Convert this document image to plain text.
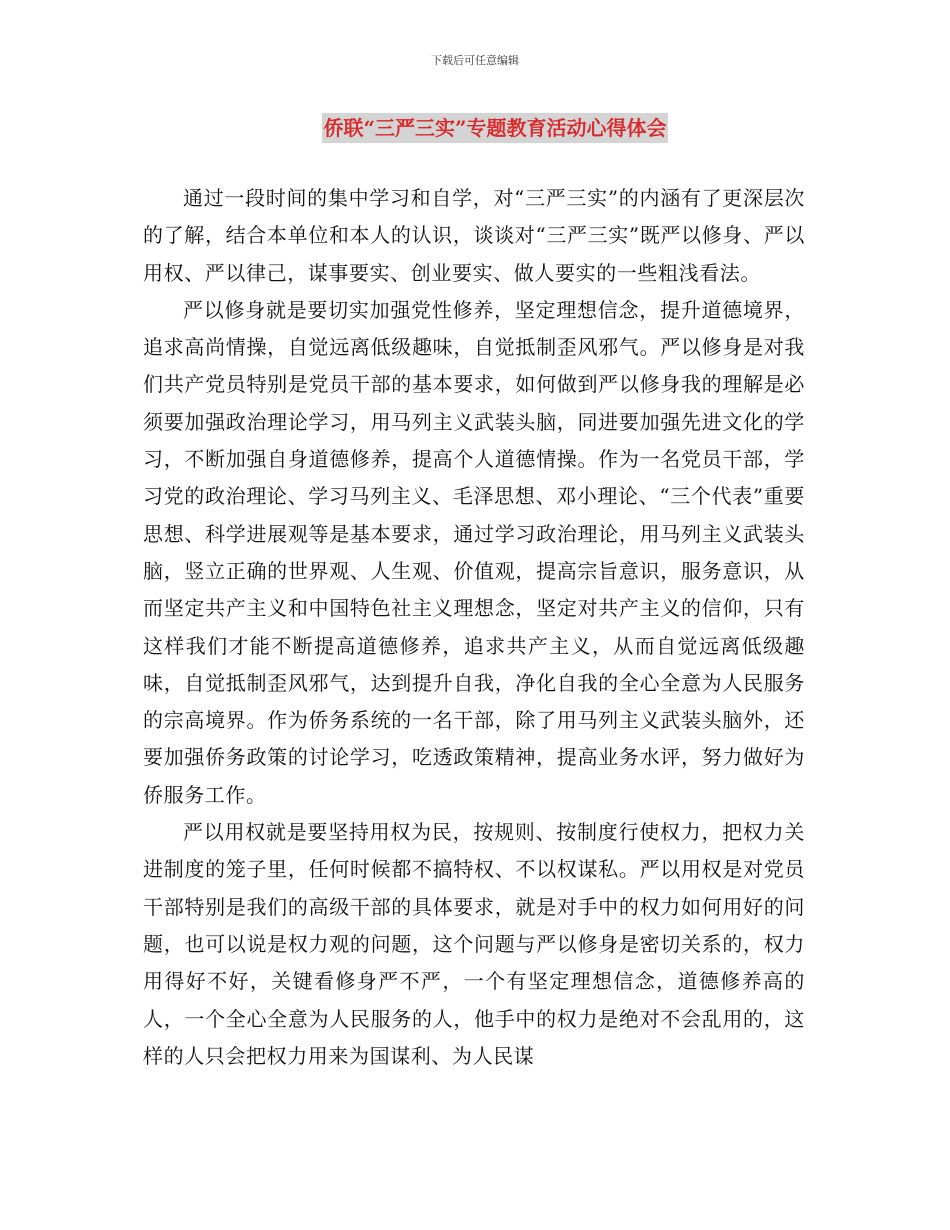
下载后可任意编辑
侨联“三严三实”专题教育活动心得体会

通过一段时间的集中学习和自学，对“三严三实”的内涵有了更深层次的了解，结合本单位和本人的认识，谈谈对“三严三实”既严以修身、严以用权、严以律己，谋事要实、创业要实、做人要实的一些粗浅看法。

严以修身就是要切实加强党性修养，坚定理想信念，提升道德境界，追求高尚情操，自觉远离低级趣味，自觉抵制歪风邪气。严以修身是对我们共产党员特别是党员干部的基本要求，如何做到严以修身我的理解是必须要加强政治理论学习，用马列主义武装头脑，同进要加强先进文化的学习，不断加强自身道德修养，提高个人道德情操。作为一名党员干部，学习党的政治理论、学习马列主义、毛泽思想、邓小理论、“三个代表”重要思想、科学进展观等是基本要求，通过学习政治理论，用马列主义武装头脑，竖立正确的世界观、人生观、价值观，提高宗旨意识，服务意识，从而坚定共产主义和中国特色社主义理想念，坚定对共产主义的信仰，只有这样我们才能不断提高道德修养，追求共产主义，从而自觉远离低级趣味，自觉抵制歪风邪气，达到提升自我，净化自我的全心全意为人民服务的宗高境界。作为侨务系统的一名干部，除了用马列主义武装头脑外，还要加强侨务政策的讨论学习，吃透政策精神，提高业务水评，努力做好为侨服务工作。

严以用权就是要坚持用权为民，按规则、按制度行使权力，把权力关进制度的笼子里，任何时候都不搞特权、不以权谋私。严以用权是对党员干部特别是我们的高级干部的具体要求，就是对手中的权力如何用好的问题，也可以说是权力观的问题，这个问题与严以修身是密切关系的，权力用得好不好，关键看修身严不严，一个有坚定理想信念，道德修养高的人，一个全心全意为人民服务的人，他手中的权力是绝对不会乱用的，这样的人只会把权力用来为国谋利、为人民谋
